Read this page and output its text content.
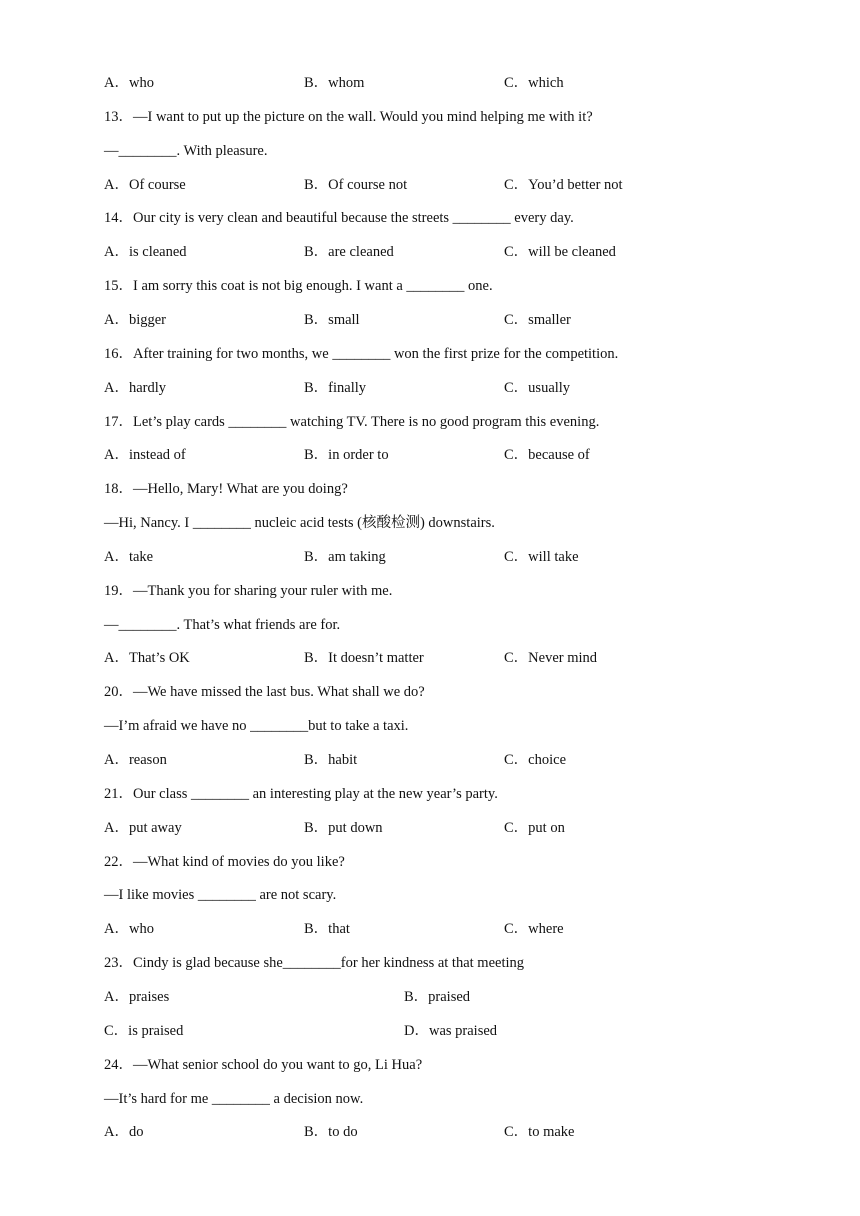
A．who	B．whom	C．which
13．—I want to put up the picture on the wall. Would you mind helping me with it?
—________. With pleasure.
A．Of course	B．Of course not	C．You’d better not
14．Our city is very clean and beautiful because the streets ________ every day.
A．is cleaned	B．are cleaned	C．will be cleaned
15．I am sorry this coat is not big enough. I want a ________ one.
A．bigger	B．small	C．smaller
16．After training for two months, we ________ won the first prize for the competition.
A．hardly	B．finally	C．usually
17．Let’s play cards ________ watching TV. There is no good program this evening.
A．instead of	B．in order to	C．because of
18．—Hello, Mary! What are you doing?
—Hi, Nancy. I ________ nucleic acid tests (核酸检测) downstairs.
A．take	B．am taking	C．will take
19．—Thank you for sharing your ruler with me.
—________. That’s what friends are for.
A．That’s OK	B．It doesn’t matter	C．Never mind
20．—We have missed the last bus. What shall we do?
—I’m afraid we have no ________but to take a taxi.
A．reason	B．habit	C．choice
21．Our class ________ an interesting play at the new year’s party.
A．put away	B．put down	C．put on
22．—What kind of movies do you like?
—I like movies ________ are not scary.
A．who	B．that	C．where
23．Cindy is glad because she________for her kindness at that meeting
A．praises	B．praised
C．is praised	D．was praised
24．—What senior school do you want to go, Li Hua?
—It’s hard for me ________ a decision now.
A．do	B．to do	C．to make
